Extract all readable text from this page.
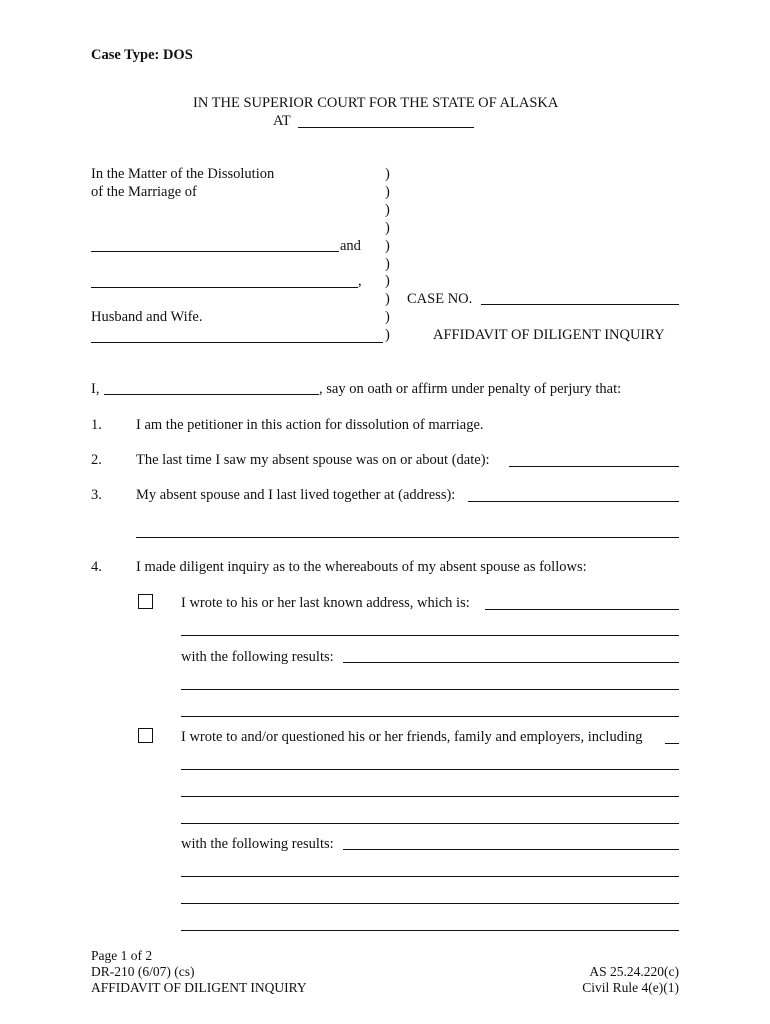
Case Type: DOS
IN THE SUPERIOR COURT FOR THE STATE OF ALASKA
AT
In the Matter of the Dissolution
of the Marriage of
and
,
Husband and Wife.
)
)
)
)
)
)
)
)
)
)
CASE NO.
AFFIDAVIT OF DILIGENT INQUIRY
I,	, say on oath or affirm under penalty of perjury that:
1. I am the petitioner in this action for dissolution of marriage.
2. The last time I saw my absent spouse was on or about (date):
3. My absent spouse and I last lived together at (address):
4. I made diligent inquiry as to the whereabouts of my absent spouse as follows:
I wrote to his or her last known address, which is:
with the following results:
I wrote to and/or questioned his or her friends, family and employers, including
with the following results:
Page 1 of 2
DR-210 (6/07) (cs)
AFFIDAVIT OF DILIGENT INQUIRY
AS 25.24.220(c)
Civil Rule 4(e)(1)
